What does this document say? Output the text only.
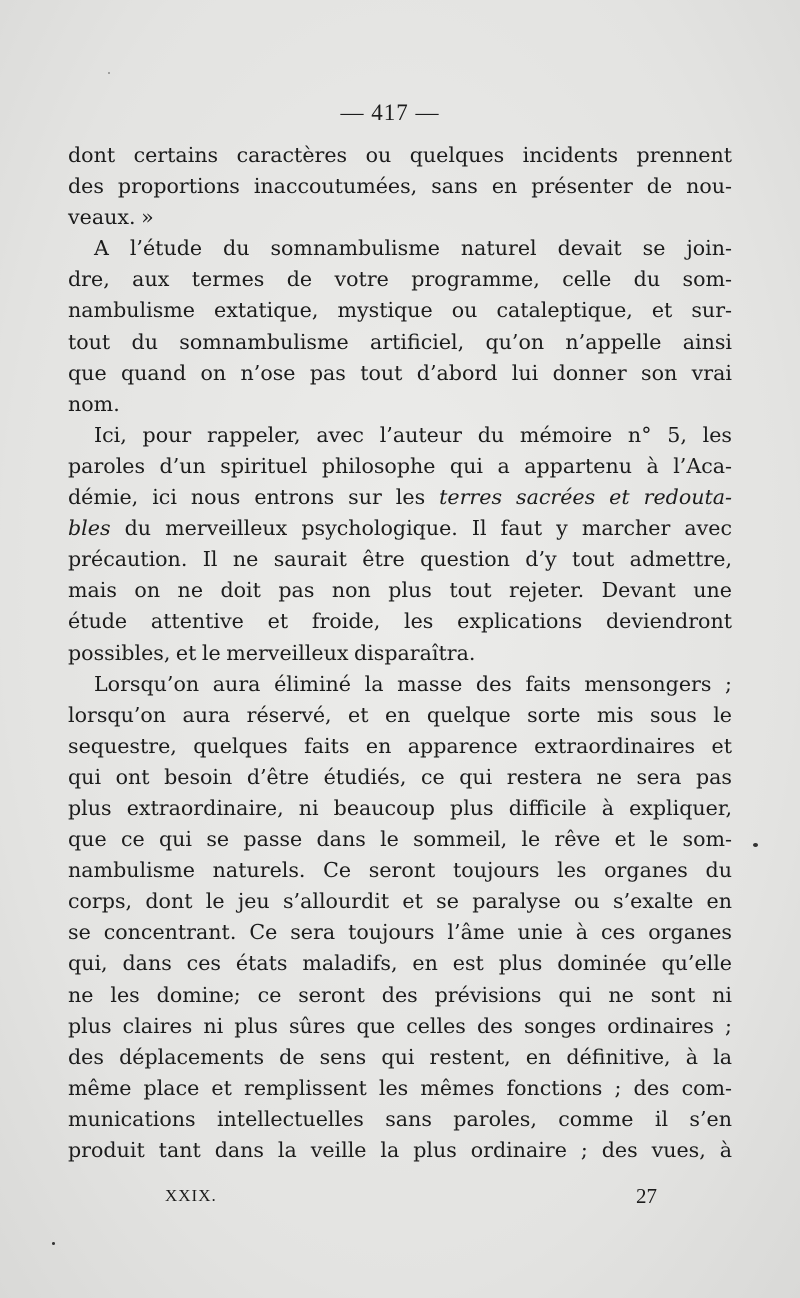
— 417 —

dont certains caractères ou quelques incidents prennent
des proportions inaccoutumées, sans en présenter de nou-
veaux. »

A l’étude du somnambulisme naturel devait se join-
dre, aux termes de votre programme, celle du som-
nambulisme extatique, mystique ou cataleptique, et sur-
tout du somnambulisme artificiel, qu’on n’appelle ainsi
que quand on n’ose pas tout d’abord lui donner son vrai
nom.

Ici, pour rappeler, avec l’auteur du mémoire n° 5, les
paroles d’un spirituel philosophe qui a appartenu à l’Aca-
démie, ici nous entrons sur les terres sacrées et redouta-
bles du merveilleux psychologique. Il faut y marcher avec
précaution. Il ne saurait être question d’y tout admettre,
mais on ne doit pas non plus tout rejeter. Devant une
étude attentive et froide, les explications deviendront
possibles, et le merveilleux disparaîtra.

Lorsqu’on aura éliminé la masse des faits mensongers ;
lorsqu’on aura réservé, et en quelque sorte mis sous le
sequestre, quelques faits en apparence extraordinaires et
qui ont besoin d’être étudiés, ce qui restera ne sera pas
plus extraordinaire, ni beaucoup plus difficile à expliquer,
que ce qui se passe dans le sommeil, le rêve et le som-
nambulisme naturels. Ce seront toujours les organes du
corps, dont le jeu s’allourdit et se paralyse ou s’exalte en
se concentrant. Ce sera toujours l’âme unie à ces organes
qui, dans ces états maladifs, en est plus dominée qu’elle
ne les domine; ce seront des prévisions qui ne sont ni
plus claires ni plus sûres que celles des songes ordinaires ;
des déplacements de sens qui restent, en définitive, à la
même place et remplissent les mêmes fonctions ; des com-
munications intellectuelles sans paroles, comme il s’en
produit tant dans la veille la plus ordinaire ; des vues, à

XXIX.	27
